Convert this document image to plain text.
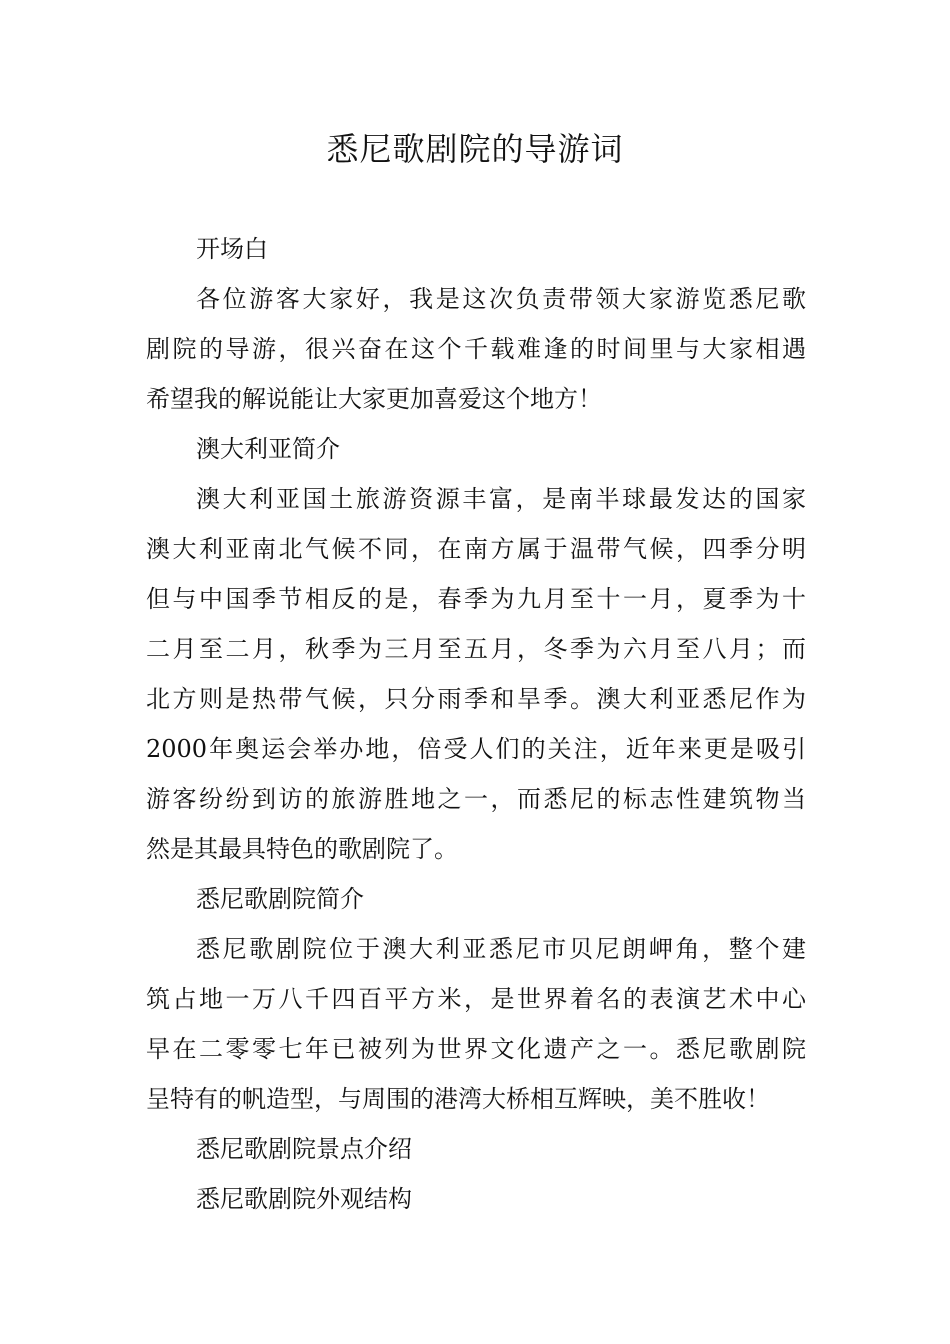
悉尼歌剧院的导游词

开场白

各位游客大家好，我是这次负责带领大家游览悉尼歌
剧院的导游，很兴奋在这个千载难逢的时间里与大家相遇
希望我的解说能让大家更加喜爱这个地方！

澳大利亚简介

澳大利亚国土旅游资源丰富，是南半球最发达的国家
澳大利亚南北气候不同，在南方属于温带气候，四季分明
但与中国季节相反的是，春季为九月至十一月，夏季为十
二月至二月，秋季为三月至五月，冬季为六月至八月；而
北方则是热带气候，只分雨季和旱季。澳大利亚悉尼作为
2000年奥运会举办地，倍受人们的关注，近年来更是吸引
游客纷纷到访的旅游胜地之一，而悉尼的标志性建筑物当
然是其最具特色的歌剧院了。

悉尼歌剧院简介

悉尼歌剧院位于澳大利亚悉尼市贝尼朗岬角，整个建
筑占地一万八千四百平方米，是世界着名的表演艺术中心
早在二零零七年已被列为世界文化遗产之一。悉尼歌剧院
呈特有的帆造型，与周围的港湾大桥相互辉映，美不胜收！

悉尼歌剧院景点介绍

悉尼歌剧院外观结构
